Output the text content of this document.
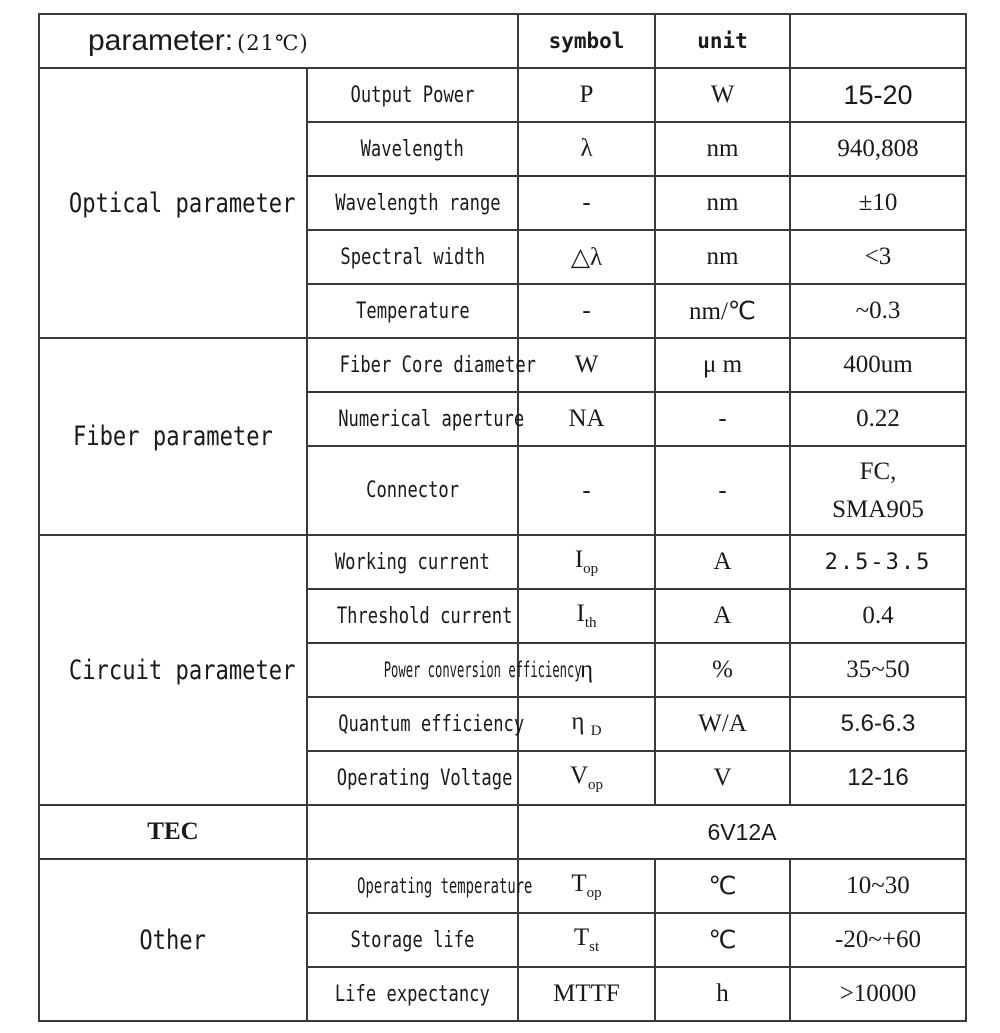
parameter: (21℃)		symbol	unit	
Optical parameter	Output Power	P	W	15-20
	Wavelength	λ	nm	940,808
	Wavelength range	-	nm	±10
	Spectral width	△λ	nm	<3
	Temperature	-	nm/℃	~0.3
Fiber parameter	Fiber Core diameter	W	μ m	400um
	Numerical aperture	NA	-	0.22
	Connector	-	-	FC,
SMA905

Circuit parameter	Working current	$I_{op}$	A	2.5-3.5
	Threshold current	$I_{th}$	A	0.4
	Power conversion efficiency	η	%	35~50
	Quantum efficiency	η $_D$	W/A	5.6-6.3
	Operating Voltage	$V_{op}$	V	12-16
TEC		6V12A		
Other	Operating temperature	$T_{op}$	℃	10~30
	Storage life	$T_{st}$	℃	-20~+60
	Life expectancy	MTTF	h	>10000
